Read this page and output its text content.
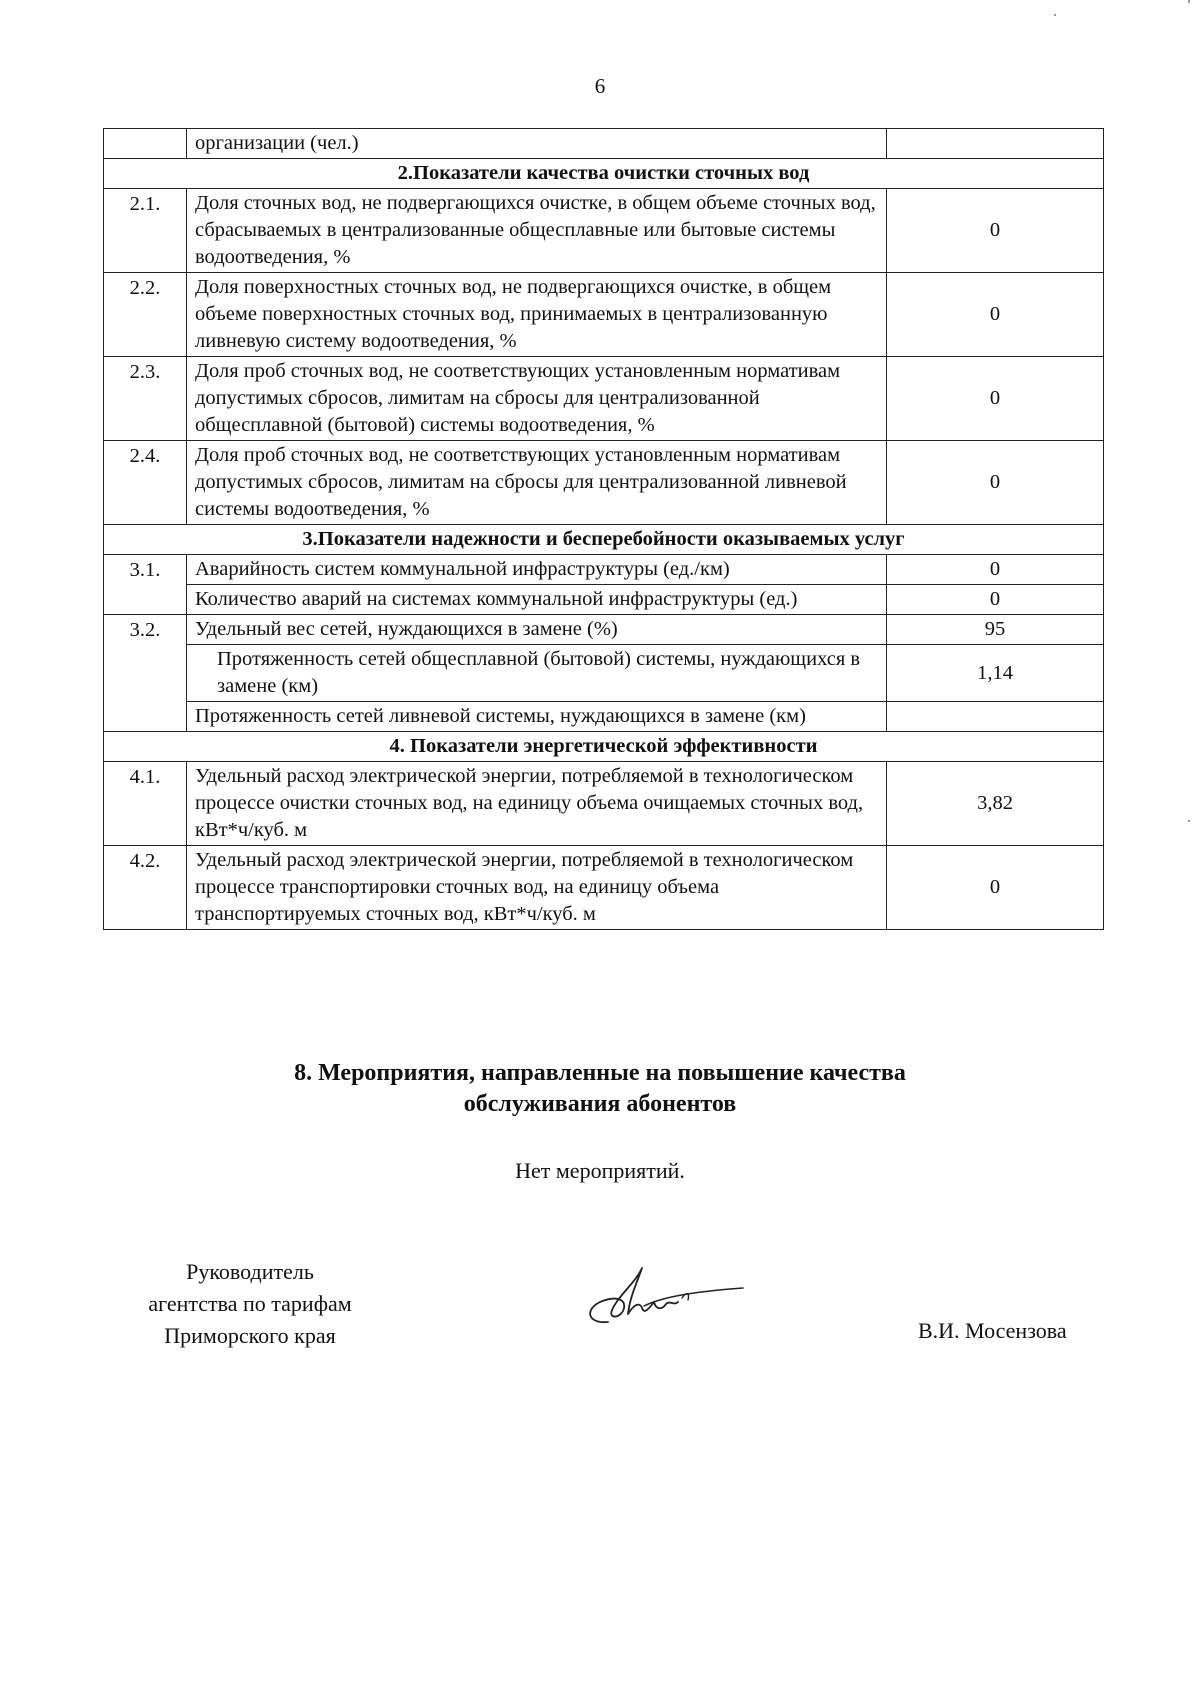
6
	организации (чел.)	
2.Показатели качества очистки сточных вод		
2.1.	Доля сточных вод, не подвергающихся очистке, в общем объеме сточных вод, сбрасываемых в централизованные общесплавные или бытовые системы водоотведения, %	0
2.2.	Доля поверхностных сточных вод, не подвергающихся очистке, в общем объеме поверхностных сточных вод, принимаемых в централизованную ливневую систему водоотведения, %	0
2.3.	Доля проб сточных вод, не соответствующих установленным нормативам допустимых сбросов, лимитам на сбросы для централизованной общесплавной (бытовой) системы водоотведения, %	0
2.4.	Доля проб сточных вод, не соответствующих установленным нормативам допустимых сбросов, лимитам на сбросы для централизованной ливневой системы водоотведения, %	0
3.Показатели надежности и бесперебойности оказываемых услуг		
3.1.	Аварийность систем коммунальной инфраструктуры (ед./км)	0
	Количество аварий на системах коммунальной инфраструктуры (ед.)	0
3.2.	Удельный вес сетей, нуждающихся в замене (%)	95
	Протяженность сетей общесплавной (бытовой) системы, нуждающихся в замене (км)	1,14
	Протяженность сетей ливневой системы, нуждающихся в замене (км)	
4. Показатели энергетической эффективности		
4.1.	Удельный расход электрической энергии, потребляемой в технологическом процессе очистки сточных вод, на единицу объема очищаемых сточных вод, кВт*ч/куб. м	3,82
4.2.	Удельный расход электрической энергии, потребляемой в технологическом процессе транспортировки сточных вод, на единицу объема транспортируемых сточных вод, кВт*ч/куб. м	0
8. Мероприятия, направленные на повышение качества
обслуживания абонентов
Нет мероприятий.
Руководитель
агентства по тарифам
Приморского края	В.И. Мосензова
